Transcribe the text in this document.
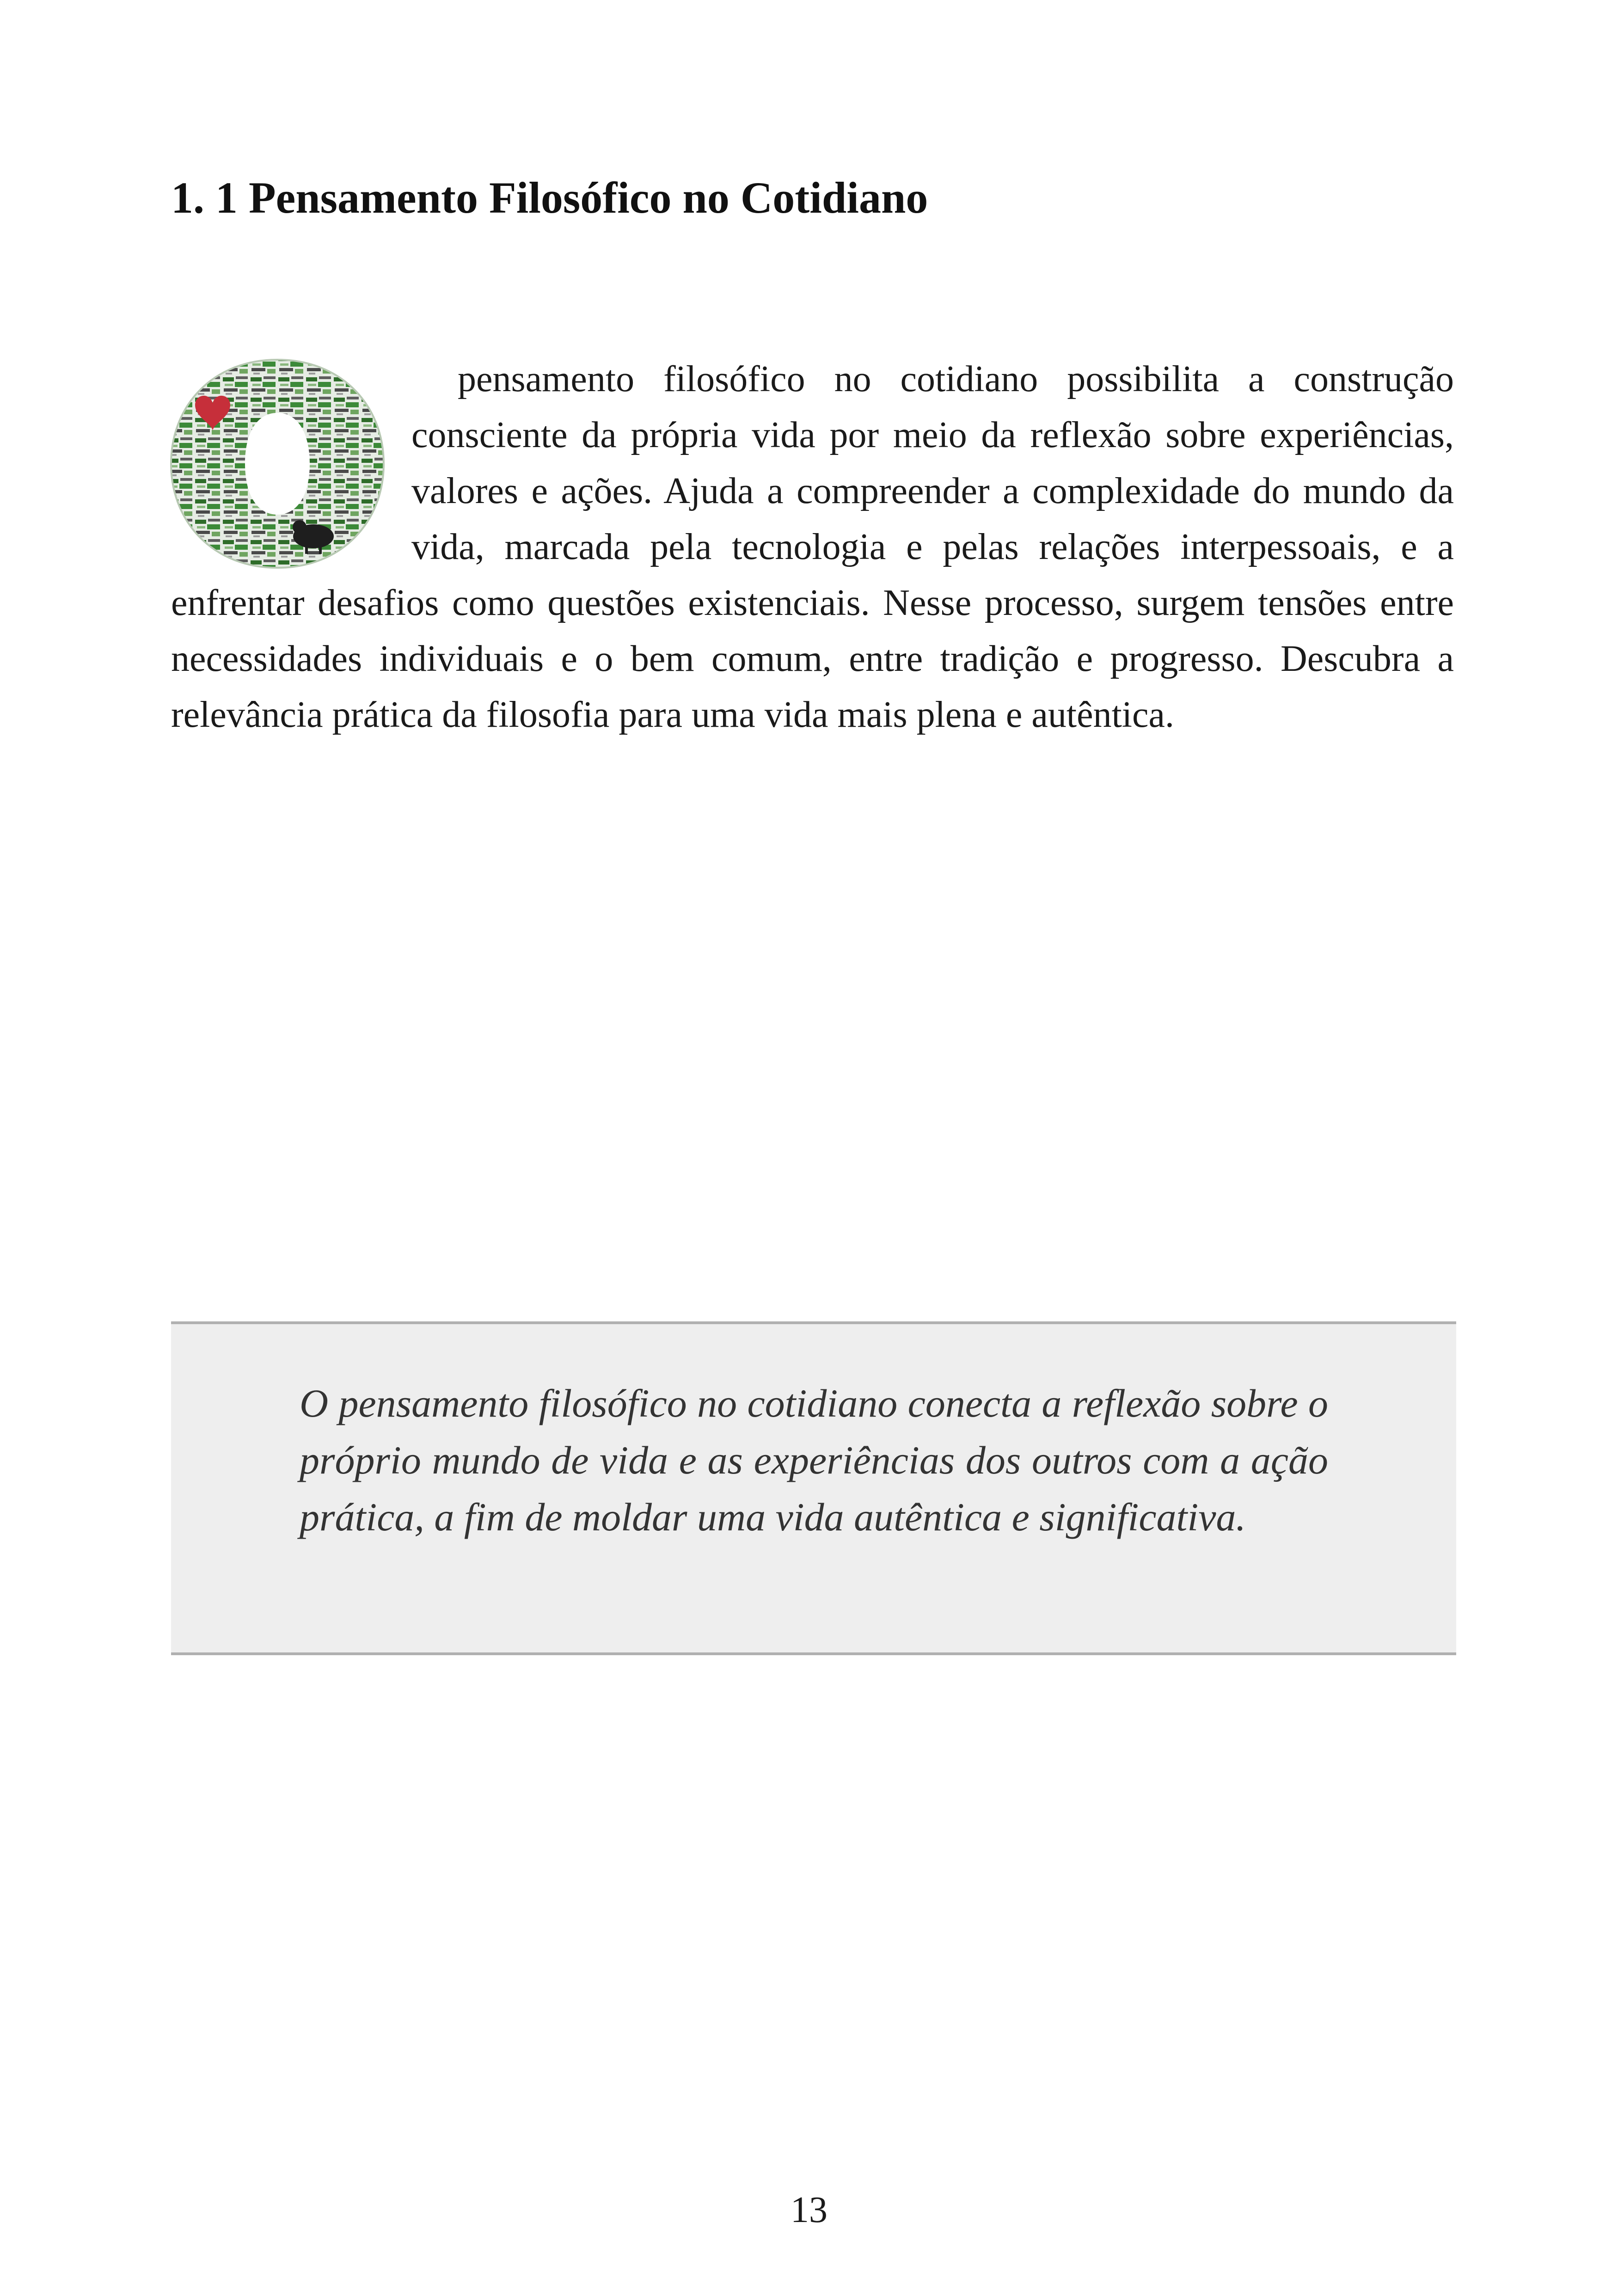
1. 1 Pensamento Filosófico no Cotidiano
pensamento filosófico no cotidiano possibilita a construção consciente da própria vida por meio da reflexão sobre experiências, valores e ações. Ajuda a compreender a complexidade do mundo da vida, marcada pela tecnologia e pelas relações interpessoais, e a enfrentar desafios como questões existenciais. Nesse processo, surgem tensões entre necessidades individuais e o bem comum, entre tradição e progresso. Descubra a relevância prática da filosofia para uma vida mais plena e autêntica.

O pensamento filosófico no cotidiano conecta a reflexão sobre o próprio mundo de vida e as experiências dos outros com a ação prática, a fim de moldar uma vida autêntica e significativa.

13
